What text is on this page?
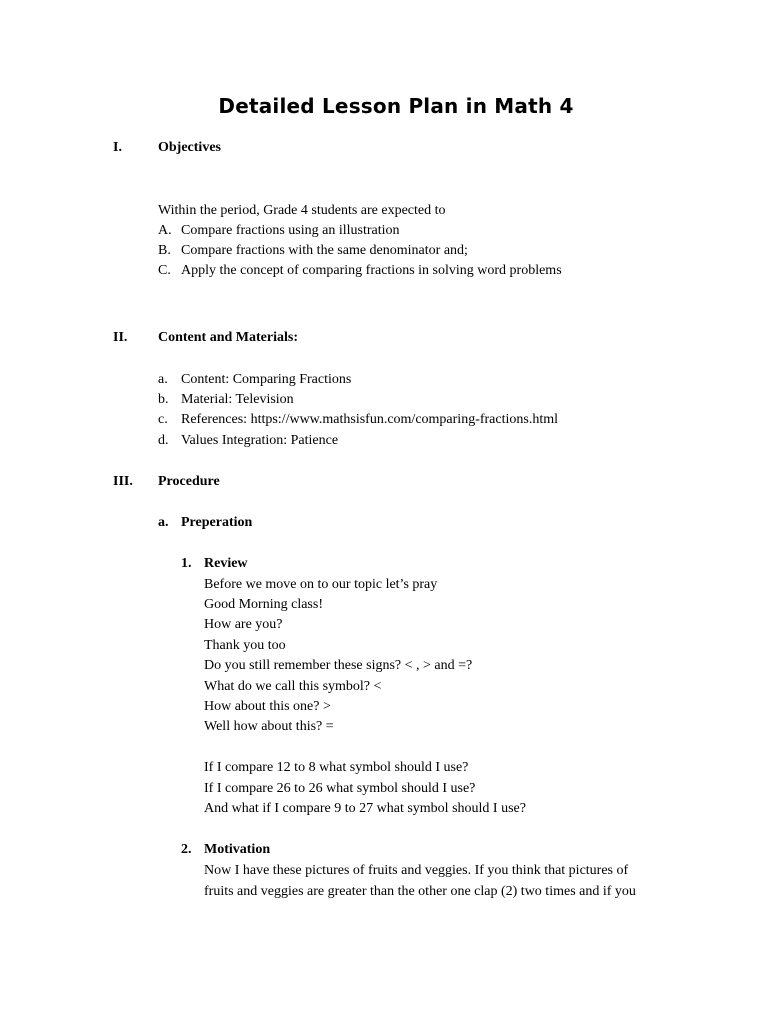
Detailed Lesson Plan in Math 4
I.	Objectives
Within the period, Grade 4 students are expected to
A. Compare fractions using an illustration
B. Compare fractions with the same denominator and;
C. Apply the concept of comparing fractions in solving word problems
II. Content and Materials:
a. Content: Comparing Fractions
b. Material: Television
c. References: https://www.mathsisfun.com/comparing-fractions.html
d. Values Integration: Patience
III. Procedure
a. Preperation
1. Review
Before we move on to our topic let’s pray
Good Morning class!
How are you?
Thank you too
Do you still remember these signs? < , > and =?
What do we call this symbol? <
How about this one? >
Well how about this? =
If I compare 12 to 8 what symbol should I use?
If I compare 26 to 26 what symbol should I use?
And what if I compare 9 to 27 what symbol should I use?
2. Motivation
Now I have these pictures of fruits and veggies. If you think that pictures of
fruits and veggies are greater than the other one clap (2) two times and if you
